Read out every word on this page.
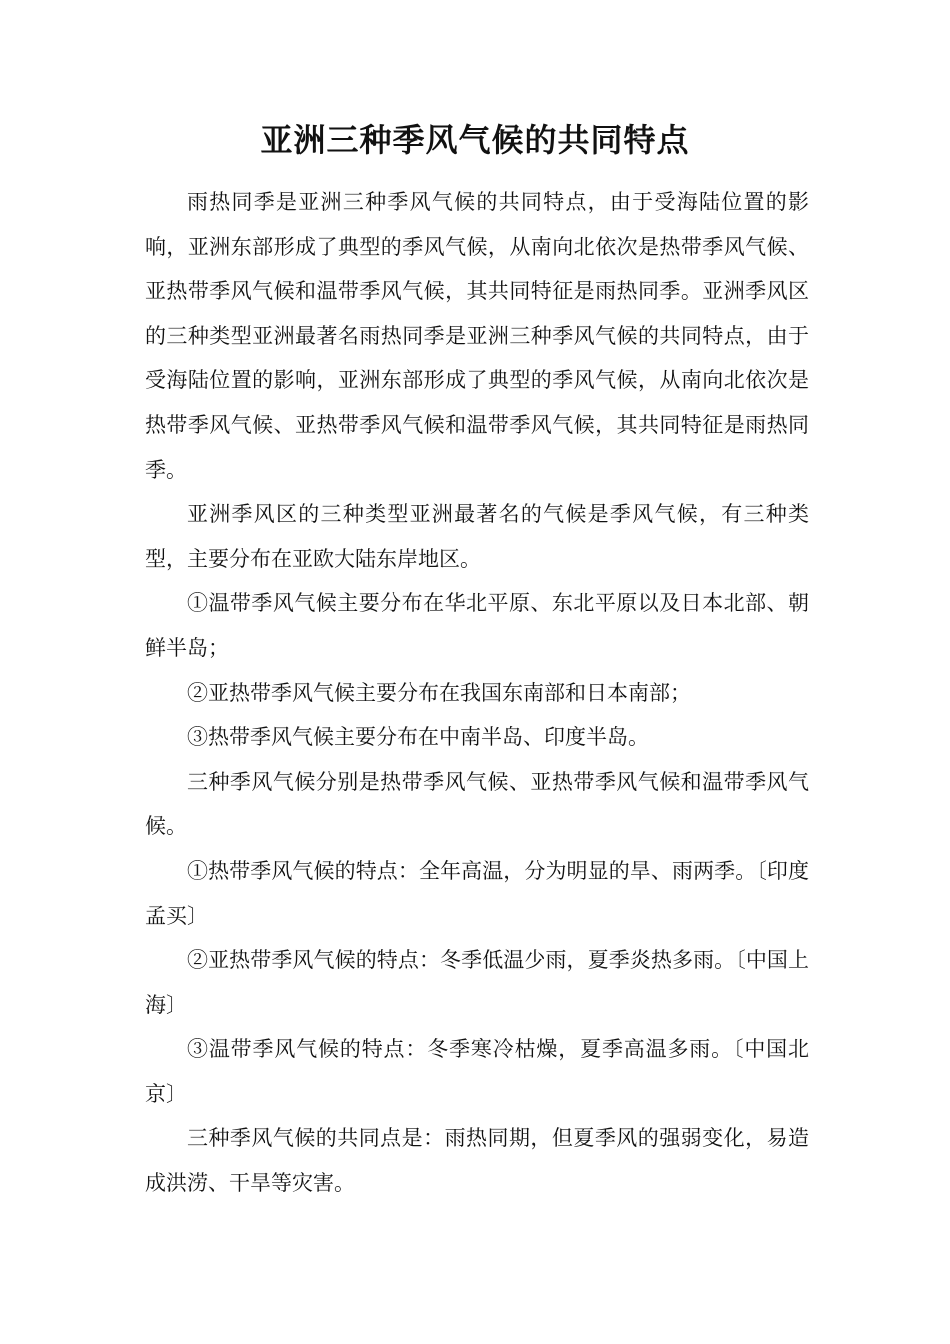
亚洲三种季风气候的共同特点

雨热同季是亚洲三种季风气候的共同特点，由于受海陆位置的影响，亚洲东部形成了典型的季风气候，从南向北依次是热带季风气候、亚热带季风气候和温带季风气候，其共同特征是雨热同季。亚洲季风区的三种类型亚洲最著名雨热同季是亚洲三种季风气候的共同特点，由于受海陆位置的影响，亚洲东部形成了典型的季风气候，从南向北依次是热带季风气候、亚热带季风气候和温带季风气候，其共同特征是雨热同季。

亚洲季风区的三种类型亚洲最著名的气候是季风气候，有三种类型，主要分布在亚欧大陆东岸地区。

①温带季风气候主要分布在华北平原、东北平原以及日本北部、朝鲜半岛；

②亚热带季风气候主要分布在我国东南部和日本南部；

③热带季风气候主要分布在中南半岛、印度半岛。

三种季风气候分别是热带季风气候、亚热带季风气候和温带季风气候。

①热带季风气候的特点：全年高温，分为明显的旱、雨两季。〔印度孟买〕

②亚热带季风气候的特点：冬季低温少雨，夏季炎热多雨。〔中国上海〕

③温带季风气候的特点：冬季寒冷枯燥，夏季高温多雨。〔中国北京〕

三种季风气候的共同点是：雨热同期，但夏季风的强弱变化，易造成洪涝、干旱等灾害。
